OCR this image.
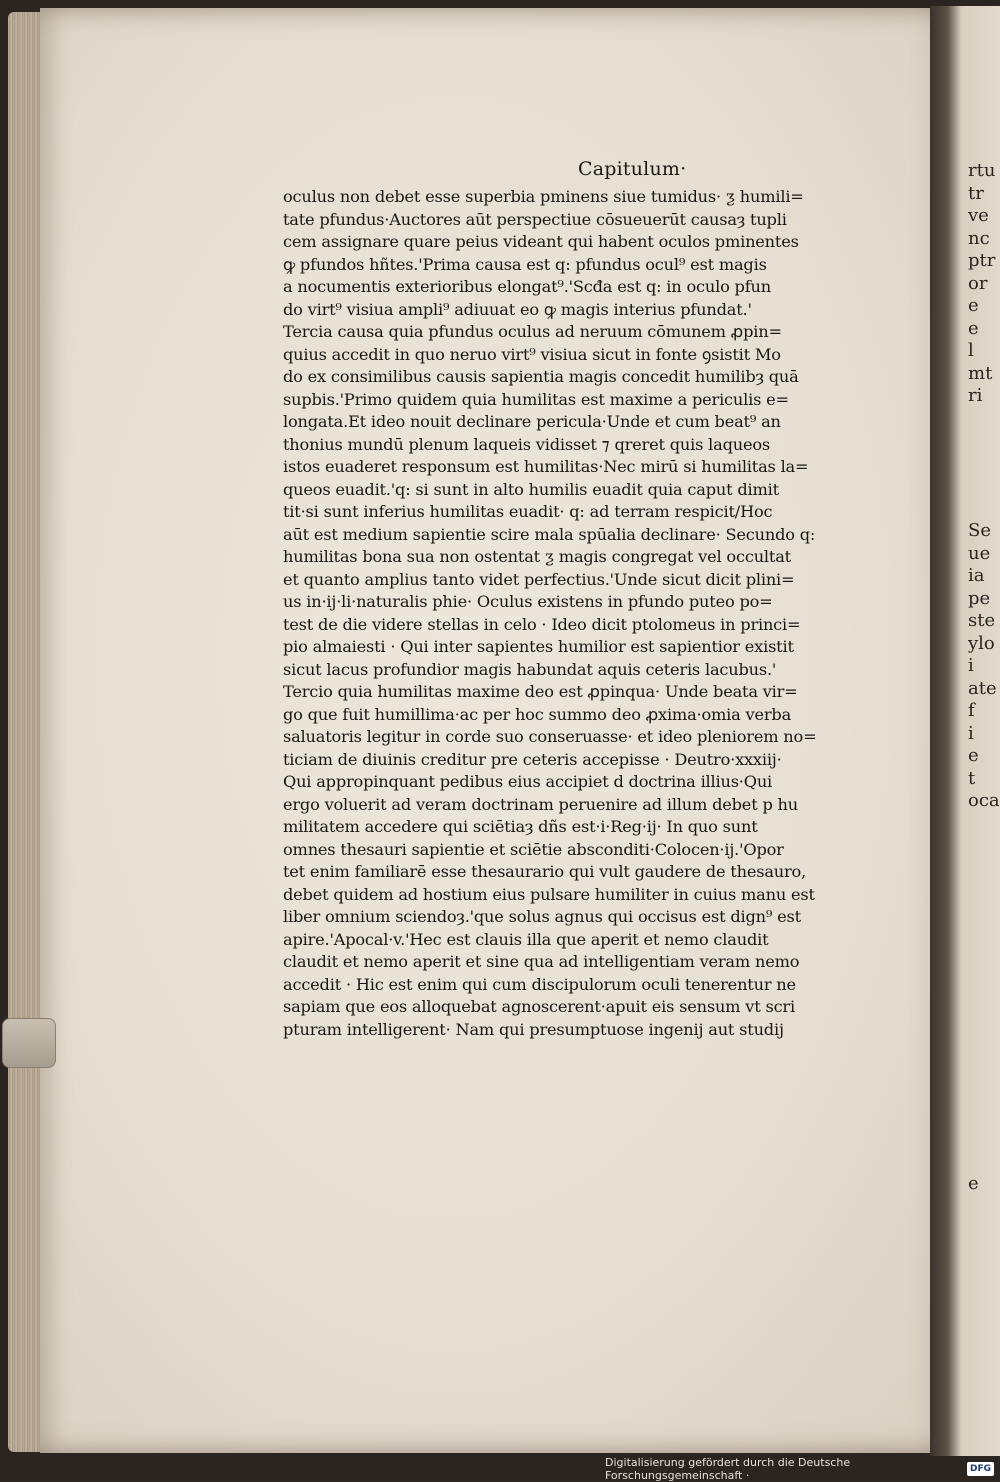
rtu
tr
ve
nc
ptr
or
e
e
l
mt
ri
Se
ue
ia
pe
ste
ylo
i
ate
f
i
e
t
oca
e
Capitulum·
oculus non debet esse superbia pminens siue tumidus· ƺ humili=
tate pfundus·Auctores aūt perspectiue cōsueuerūt causaȝ tupli
cem assignare quare peius videant qui habent oculos pminentes
ꝙ pfundos hñtes.'Prima causa est q: pfundus ocul⁹ est magis
a nocumentis exterioribus elongat⁹.'Scđa est q: in oculo pfun
do virt⁹ visiua ampli⁹ adiuuat eo ꝙ magis interius pfundat.'
Tercia causa quia pfundus oculus ad neruum cōmunem ꝓpin=
quius accedit in quo neruo virt⁹ visiua sicut in fonte ꝯsistit Mo
do ex consimilibus causis sapientia magis concedit humilibȝ quā
supbis.'Primo quidem quia humilitas est maxime a periculis e=
longata.Et ideo nouit declinare pericula·Unde et cum beat⁹ an
thonius mundū plenum laqueis vidisset ⁊ qreret quis laqueos
istos euaderet responsum est humilitas·Nec mirū si humilitas la=
queos euadit.'q: si sunt in alto humilis euadit quia caput dimit
tit·si sunt inferius humilitas euadit· q: ad terram respicit/Hoc
aūt est medium sapientie scire mala spūalia declinare· Secundo q:
humilitas bona sua non ostentat ƺ magis congregat vel occultat
et quanto amplius tanto videt perfectius.'Unde sicut dicit plini=
us in·ij·li·naturalis phie· Oculus existens in pfundo puteo po=
test de die videre stellas in celo · Ideo dicit ptolomeus in princi=
pio almaiesti · Qui inter sapientes humilior est sapientior existit
sicut lacus profundior magis habundat aquis ceteris lacubus.'
Tercio quia humilitas maxime deo est ꝓpinqua· Unde beata vir=
go que fuit humillima·ac per hoc summo deo ꝓxima·omia verba
saluatoris legitur in corde suo conseruasse· et ideo pleniorem no=
ticiam de diuinis creditur pre ceteris accepisse · Deutro·xxxiij·
Qui appropinquant pedibus eius accipiet d doctrina illius·Qui
ergo voluerit ad veram doctrinam peruenire ad illum debet p hu
militatem accedere qui sciētiaȝ dñs est·i·Reg·ij· In quo sunt
omnes thesauri sapientie et sciētie absconditi·Colocen·ij.'Opor
tet enim familiarē esse thesaurario qui vult gaudere de thesauro,
debet quidem ad hostium eius pulsare humiliter in cuius manu est
liber omnium sciendoȝ.'que solus agnus qui occisus est dign⁹ est
apire.'Apocal·v.'Hec est clauis illa que aperit et nemo claudit
claudit et nemo aperit et sine qua ad intelligentiam veram nemo
accedit · Hic est enim qui cum discipulorum oculi tenerentur ne
sapiam que eos alloquebat agnoscerent·apuit eis sensum vt scri
pturam intelligerent· Nam qui presumptuose ingenij aut studij
Digitalisierung gefördert durch die Deutsche Forschungsgemeinschaft ·	DFG
